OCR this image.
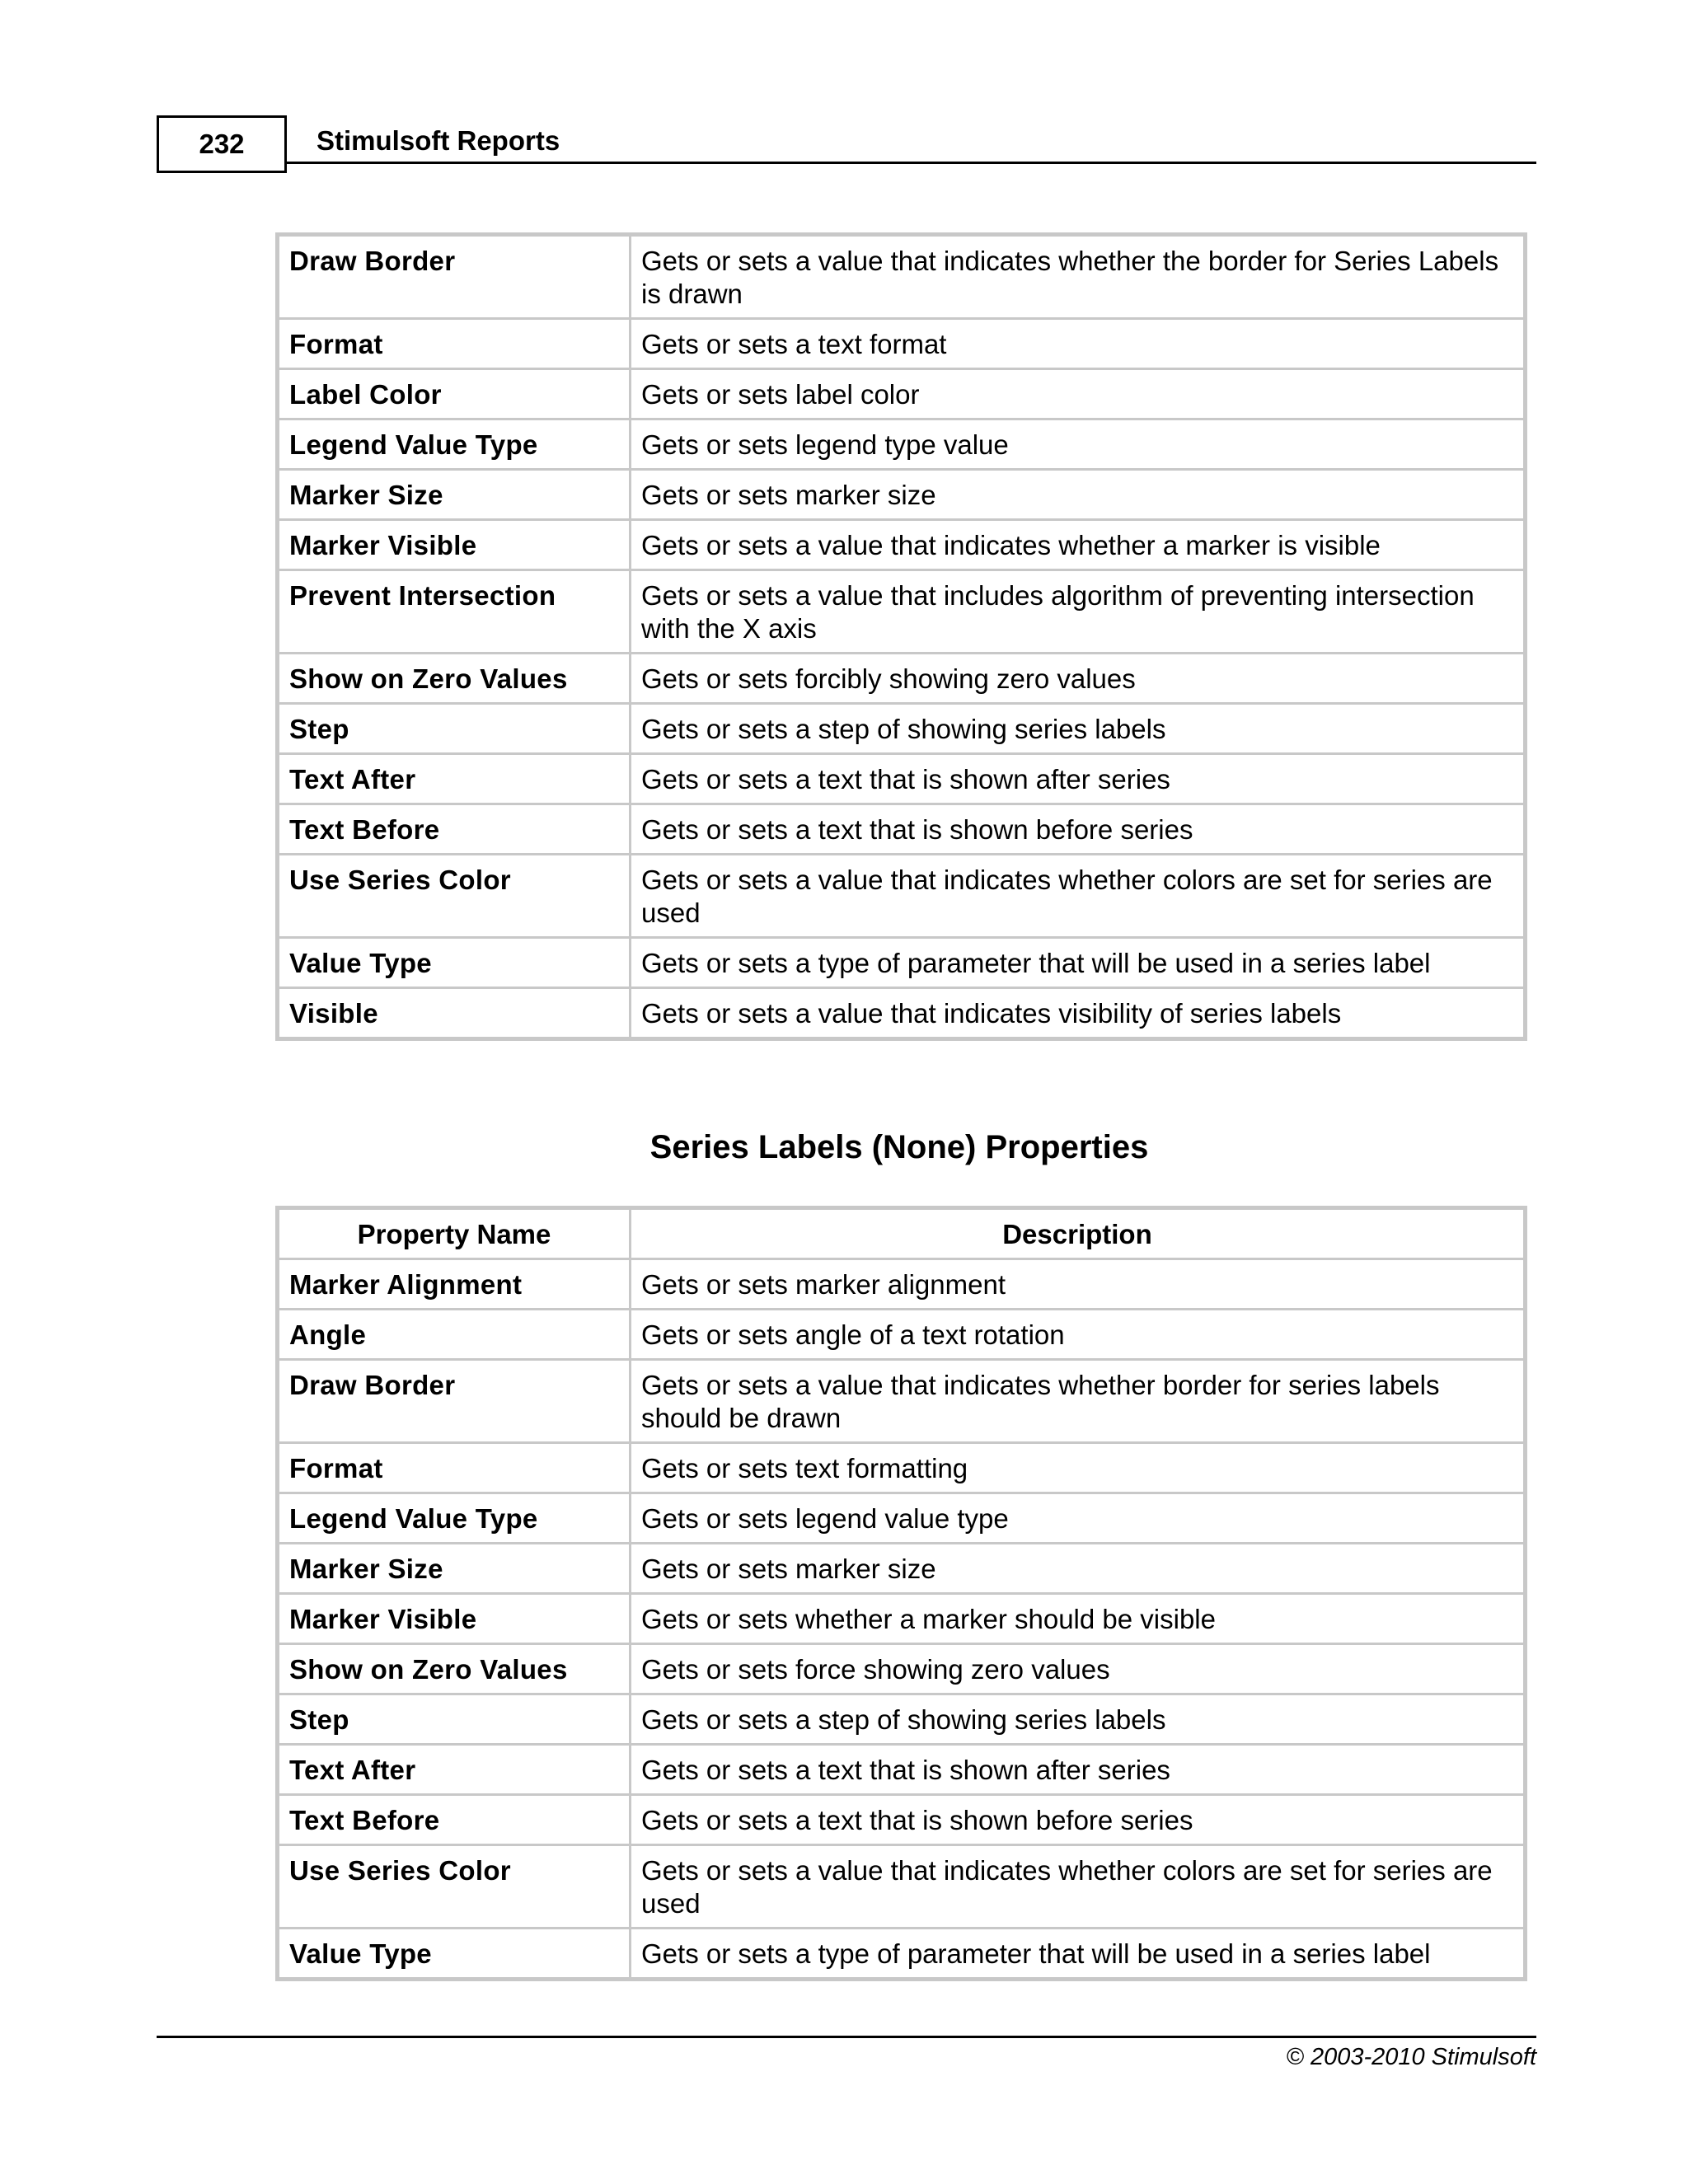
232	Stimulsoft Reports
Draw Border	Gets or sets a value that indicates whether the border for Series Labels is drawn
Format	Gets or sets a text format
Label Color	Gets or sets label color
Legend Value Type	Gets or sets legend type value
Marker Size	Gets or sets marker size
Marker Visible	Gets or sets a value that indicates whether a marker is visible
Prevent Intersection	Gets or sets a value that includes algorithm of preventing intersection with the X axis
Show on Zero Values	Gets or sets forcibly showing zero values
Step	Gets or sets a step of showing series labels
Text After	Gets or sets a text that is shown after series
Text Before	Gets or sets a text that is shown before series
Use Series Color	Gets or sets a value that indicates whether colors are set for series are used
Value Type	Gets or sets a type of parameter that will be used in a series label
Visible	Gets or sets a value that indicates visibility of series labels
Series Labels (None) Properties
Property Name	Description
Marker Alignment	Gets or sets marker alignment
Angle	Gets or sets angle of a text rotation
Draw Border	Gets or sets a value that indicates whether border for series labels should be drawn
Format	Gets or sets text formatting
Legend Value Type	Gets or sets legend value type
Marker Size	Gets or sets marker size
Marker Visible	Gets or sets whether a marker should be visible
Show on Zero Values	Gets or sets force showing zero values
Step	Gets or sets a step of showing series labels
Text After	Gets or sets a text that is shown after series
Text Before	Gets or sets a text that is shown before series
Use Series Color	Gets or sets a value that indicates whether colors are set for series are used
Value Type	Gets or sets a type of parameter that will be used in a series label
© 2003-2010 Stimulsoft
